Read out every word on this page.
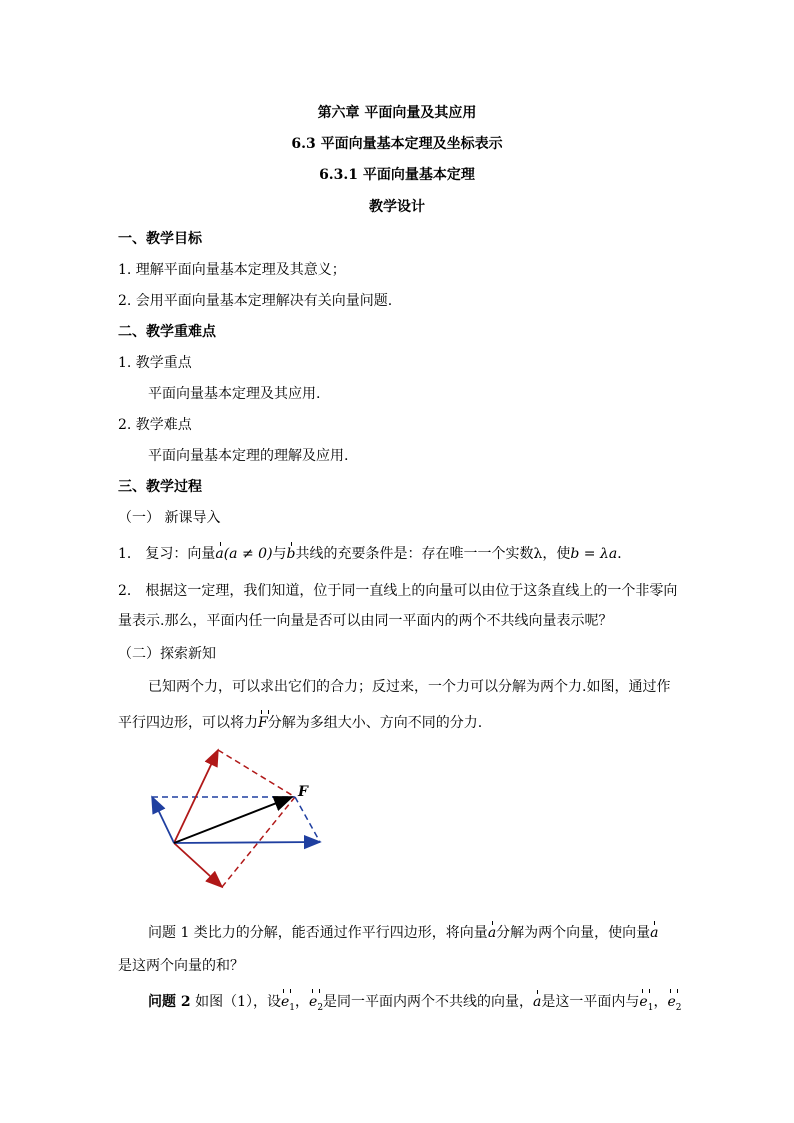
第六章 平面向量及其应用
6.3 平面向量基本定理及坐标表示
6.3.1 平面向量基本定理
教学设计
一、教学目标
1. 理解平面向量基本定理及其意义；
2. 会用平面向量基本定理解决有关向量问题.
二、教学重难点
1. 教学重点
平面向量基本定理及其应用.
2. 教学难点
平面向量基本定理的理解及应用.
三、教学过程
（一） 新课导入
1． 复习：向量a(a ≠ 0)与b共线的充要条件是：存在唯一一个实数λ，使b = λa．
2． 根据这一定理，我们知道，位于同一直线上的向量可以由位于这条直线上的一个非零向
量表示.那么，平面内任一向量是否可以由同一平面内的两个不共线向量表示呢？
（二）探索新知
已知两个力，可以求出它们的合力；反过来，一个力可以分解为两个力.如图，通过作
平行四边形，可以将力F分解为多组大小、方向不同的分力.
F
问题 1 类比力的分解，能否通过作平行四边形，将向量a分解为两个向量，使向量a
是这两个向量的和？
问题 2 如图（1），设$e_1$，$e_2$是同一平面内两个不共线的向量，a是这一平面内与$e_1$，$e_2$
